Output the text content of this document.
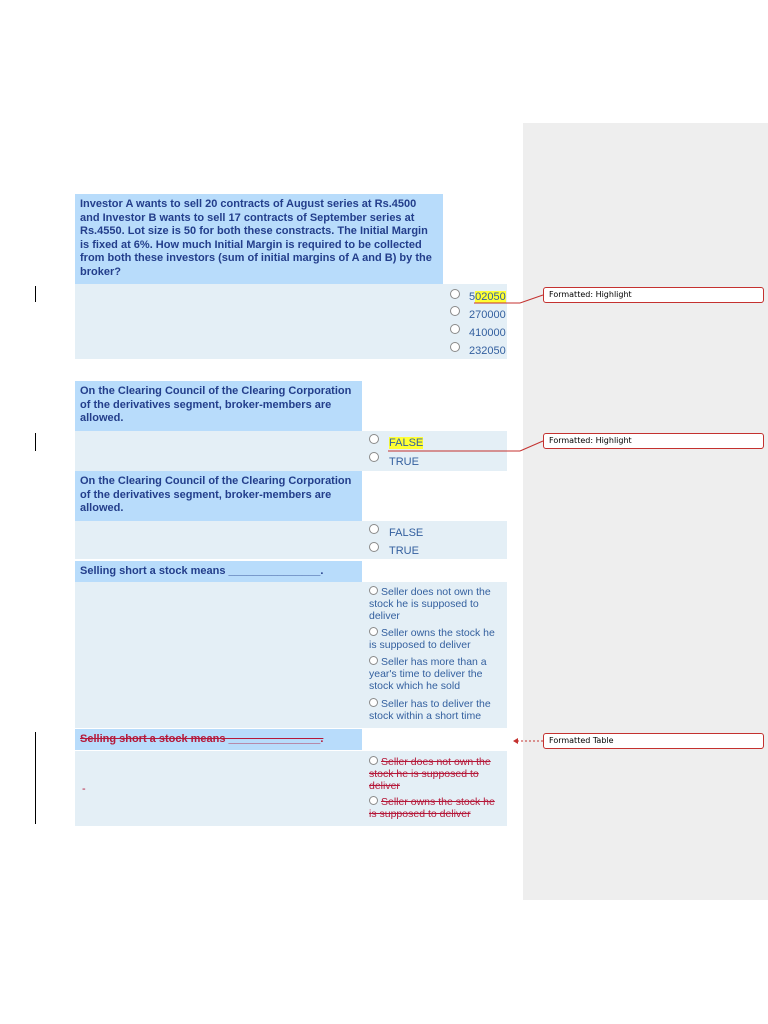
Investor A wants to sell 20 contracts of August series at Rs.4500 and Investor B wants to sell 17 contracts of September series at Rs.4550. Lot size is 50 for both these constracts. The Initial Margin is fixed at 6%. How much Initial Margin is required to be collected from both these investors (sum of initial margins of A and B) by the broker?
502050
270000
410000
232050
On the Clearing Council of the Clearing Corporation of the derivatives segment, broker-members are allowed.
FALSE
TRUE
On the Clearing Council of the Clearing Corporation of the derivatives segment, broker-members are allowed.
FALSE
TRUE
Selling short a stock means _______________.
Seller does not own the stock he is supposed to deliver
Seller owns the stock he is supposed to deliver
Seller has more than a year's time to deliver the stock which he sold
Seller has to deliver the stock within a short time
Selling short a stock means _______________.
-
Seller does not own the stock he is supposed to deliver
Seller owns the stock he is supposed to deliver
Formatted: Highlight
Formatted: Highlight
Formatted Table
